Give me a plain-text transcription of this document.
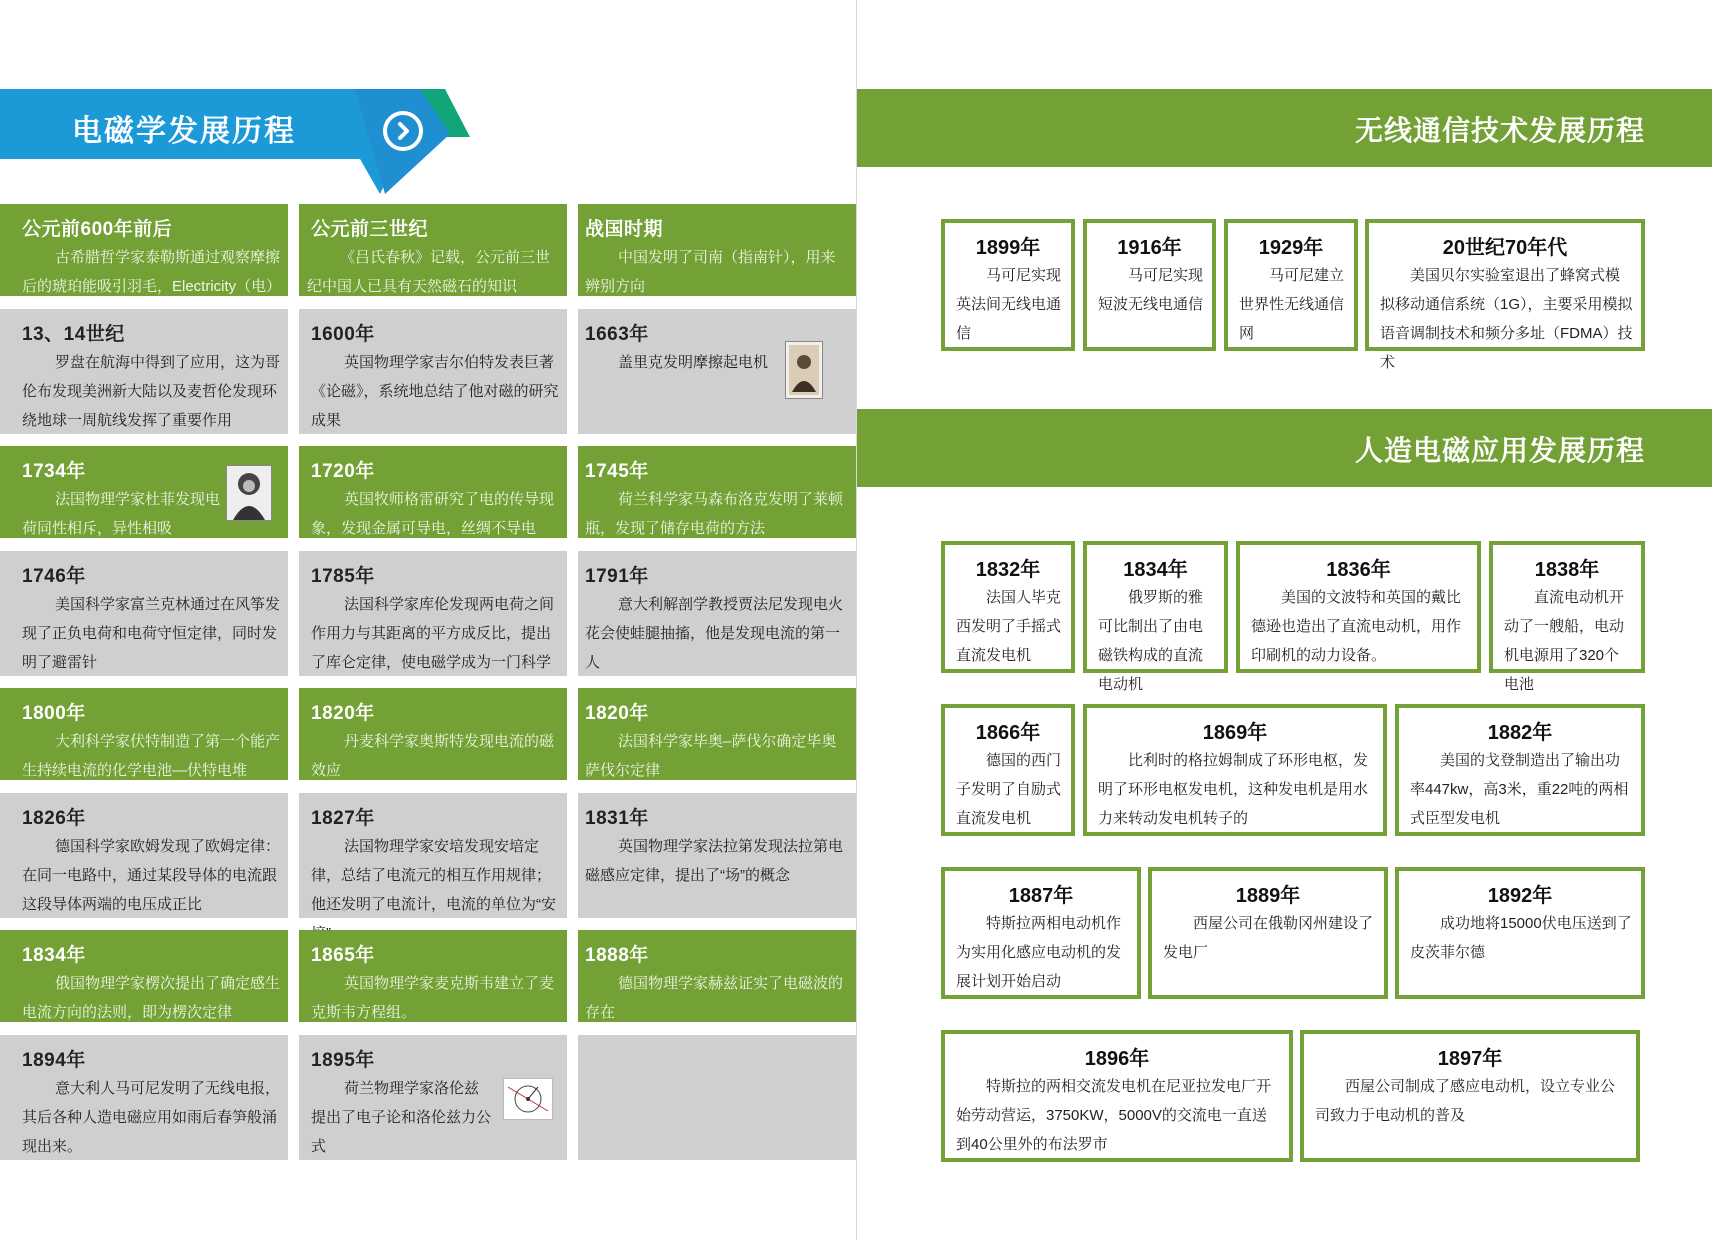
电磁学发展历程
公元前600年前后
古希腊哲学家泰勒斯通过观察摩擦后的琥珀能吸引羽毛，Electricity（电）
公元前三世纪
《吕氏春秋》记载，公元前三世纪中国人已具有天然磁石的知识
战国时期
中国发明了司南（指南针），用来辨别方向
13、14世纪
罗盘在航海中得到了应用，这为哥伦布发现美洲新大陆以及麦哲伦发现环绕地球一周航线发挥了重要作用
1600年
英国物理学家吉尔伯特发表巨著《论磁》，系统地总结了他对磁的研究成果
1663年
盖里克发明摩擦起电机
1734年
法国物理学家杜菲发现电荷同性相斥，异性相吸
1720年
英国牧师格雷研究了电的传导现象，发现金属可导电，丝绸不导电
1745年
荷兰科学家马森布洛克发明了莱顿瓶，发现了储存电荷的方法
1746年
美国科学家富兰克林通过在风筝发现了正负电荷和电荷守恒定律，同时发明了避雷针
1785年
法国科学家库伦发现两电荷之间作用力与其距离的平方成反比，提出了库仑定律，使电磁学成为一门科学
1791年
意大利解剖学教授贾法尼发现电火花会使蛙腿抽搐，他是发现电流的第一人
1800年
大利科学家伏特制造了第一个能产生持续电流的化学电池—伏特电堆
1820年
丹麦科学家奥斯特发现电流的磁效应
1820年
法国科学家毕奥–萨伐尔确定毕奥萨伐尔定律
1826年
德国科学家欧姆发现了欧姆定律：在同一电路中，通过某段导体的电流跟这段导体两端的电压成正比
1827年
法国物理学家安培发现安培定律，总结了电流元的相互作用规律；他还发明了电流计，电流的单位为“安
1831年
英国物理学家法拉第发现法拉第电磁感应定律，提出了“场”的概念
1834年
俄国物理学家楞次提出了确定感生电流方向的法则，即为楞次定律
1865年
英国物理学家麦克斯韦建立了麦克斯韦方程组。
1888年
德国物理学家赫兹证实了电磁波的存在
1894年
意大利人马可尼发明了无线电报，其后各种人造电磁应用如雨后春笋般涌现出来。
1895年
荷兰物理学家洛伦兹提出了电子论和洛伦兹力公式
无线通信技术发展历程
人造电磁应用发展历程
1899年
马可尼实现英法间无线电通信
1916年
马可尼实现短波无线电通信
1929年
马可尼建立世界性无线通信网
20世纪70年代
美国贝尔实验室退出了蜂窝式模拟移动通信系统（1G），主要采用模拟语音调制技术和频分多址（FDMA）技术
1832年
法国人毕克西发明了手摇式直流发电机
1834年
俄罗斯的雅可比制出了由电磁铁构成的直流电动机
1836年
美国的文波特和英国的戴比德逊也造出了直流电动机，用作印刷机的动力设备。
1838年
直流电动机开动了一艘船，电动机电源用了320个电池
1866年
德国的西门子发明了自励式直流发电机
1869年
比利时的格拉姆制成了环形电枢，发明了环形电枢发电机，这种发电机是用水力来转动发电机转子的
1882年
美国的戈登制造出了输出功率447kw，高3米，重22吨的两相式臣型发电机
1887年
特斯拉两相电动机作为实用化感应电动机的发展计划开始启动
1889年
西屋公司在俄勒冈州建设了发电厂
1892年
成功地将15000伏电压送到了皮茨菲尔德
1896年
特斯拉的两相交流发电机在尼亚拉发电厂开始劳动营运，3750KW，5000V的交流电一直送到40公里外的布法罗市
1897年
西屋公司制成了感应电动机，设立专业公司致力于电动机的普及
